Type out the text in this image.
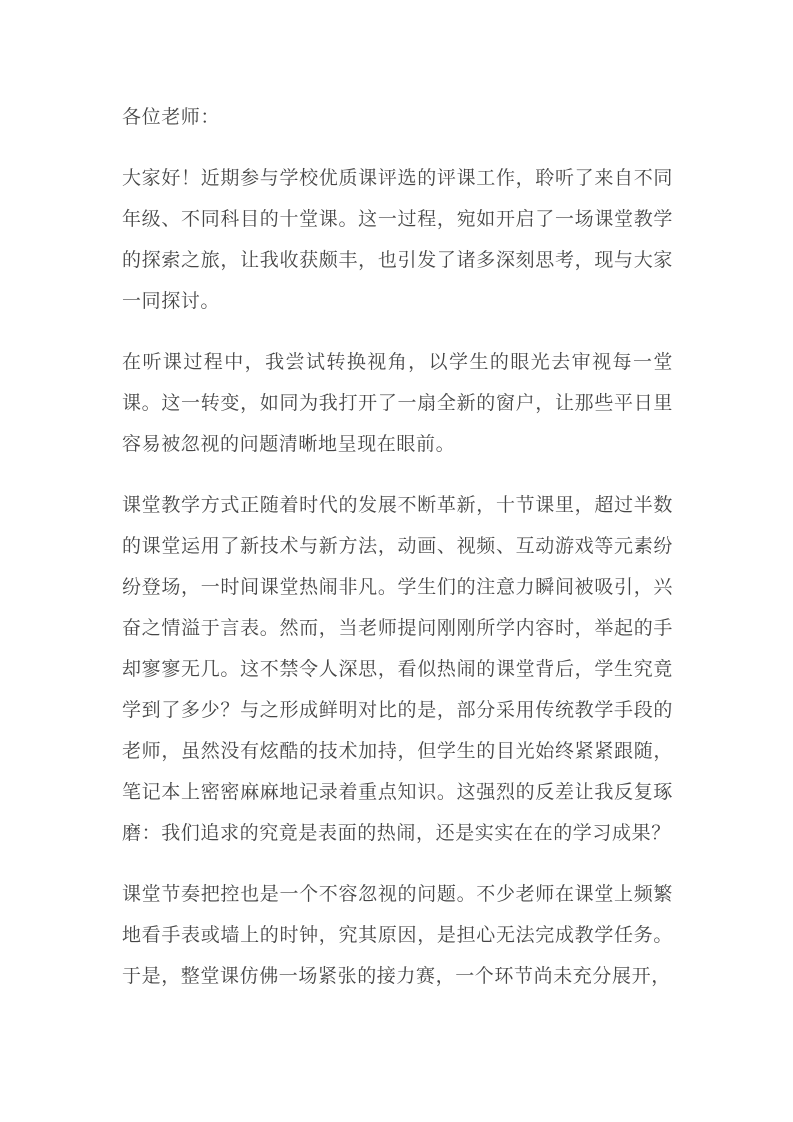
各位老师：

大家好！近期参与学校优质课评选的评课工作，聆听了来自不同年级、不同科目的十堂课。这一过程，宛如开启了一场课堂教学的探索之旅，让我收获颇丰，也引发了诸多深刻思考，现与大家一同探讨。

在听课过程中，我尝试转换视角，以学生的眼光去审视每一堂课。这一转变，如同为我打开了一扇全新的窗户，让那些平日里容易被忽视的问题清晰地呈现在眼前。

课堂教学方式正随着时代的发展不断革新，十节课里，超过半数的课堂运用了新技术与新方法，动画、视频、互动游戏等元素纷纷登场，一时间课堂热闹非凡。学生们的注意力瞬间被吸引，兴奋之情溢于言表。然而，当老师提问刚刚所学内容时，举起的手却寥寥无几。这不禁令人深思，看似热闹的课堂背后，学生究竟学到了多少？与之形成鲜明对比的是，部分采用传统教学手段的老师，虽然没有炫酷的技术加持，但学生的目光始终紧紧跟随，笔记本上密密麻麻地记录着重点知识。这强烈的反差让我反复琢磨：我们追求的究竟是表面的热闹，还是实实在在的学习成果？

课堂节奏把控也是一个不容忽视的问题。不少老师在课堂上频繁地看手表或墙上的时钟，究其原因，是担心无法完成教学任务。于是，整堂课仿佛一场紧张的接力赛，一个环节尚未充分展开，
